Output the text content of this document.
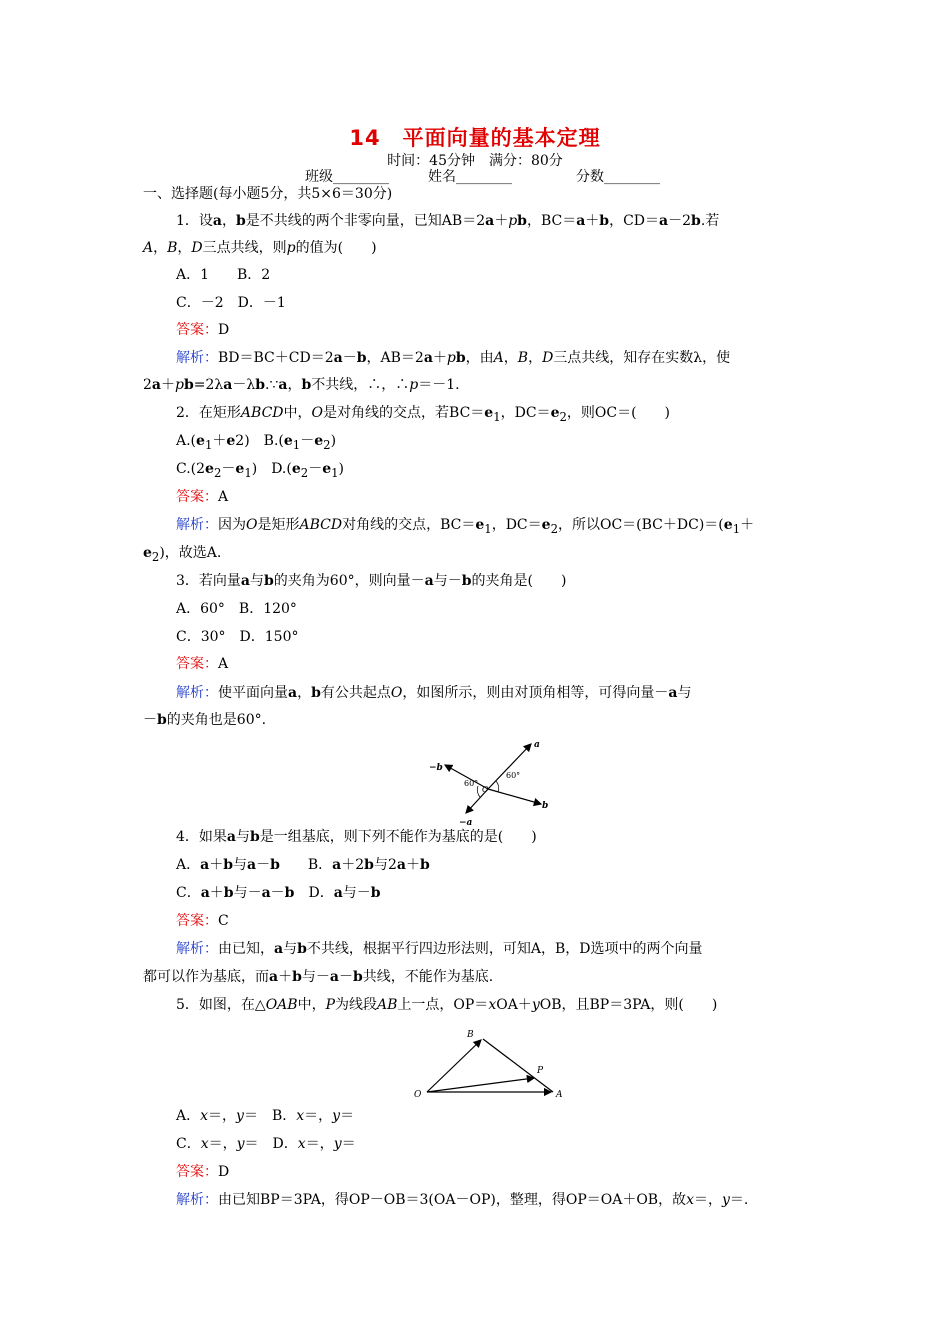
14　平面向量的基本定理
时间：45分钟　满分：80分
班级________	姓名________	分数________
一、选择题(每小题5分，共5×6＝30分)
1．设a，b是不共线的两个非零向量，已知AB＝2a＋pb，BC＝a＋b，CD＝a－2b.若
A，B，D三点共线，则p的值为(　　)
A．1　　B．2
C．－2　D．－1
答案：D
解析：BD＝BC＋CD＝2a－b，AB＝2a＋pb，由A，B，D三点共线，知存在实数λ，使
2a＋pb=2λa－λb.∵a，b不共线，∴，∴p＝－1.
2．在矩形ABCD中，O是对角线的交点，若$BC=e_1$，$DC=e_2$，则OC＝(　　)
$A.(e_1+e2)$　$B.(e_1-e_2)$
$C.(2e_2-e_1)$　$D.(e_2-e_1)$
答案：A
解析：因为O是矩形ABCD对角线的交点，$BC=e_1$，$DC=e_2$，所以$OC=(BC+DC)=(e_1+$
$e_2$)，故选A.
3．若向量a与b的夹角为60°，则向量－a与－b的夹角是(　　)
A．60°　B．120°
C．30°　D．150°
答案：A
解析：使平面向量a，b有公共起点O，如图所示，则由对顶角相等，可得向量－a与
－b的夹角也是60°.
a
b
−b
−a
O
60°
60°
4．如果a与b是一组基底，则下列不能作为基底的是(　　)
A．a＋b与a－b　　B．a＋2b与2a＋b
C．a＋b与－a－b　D．a与－b
答案：C
解析：由已知，a与b不共线，根据平行四边形法则，可知A，B，D选项中的两个向量
都可以作为基底，而a＋b与－a－b共线，不能作为基底.
5．如图，在△OAB中，P为线段AB上一点，OP＝xOA＋yOB，且BP＝3PA，则(　　)
O	A
B
P
A．x＝，y＝　B．x＝，y＝
C．x＝，y＝　D．x＝，y＝
答案：D
解析：由已知BP＝3PA，得OP－OB＝3(OA－OP)，整理，得OP＝OA＋OB，故x＝，y＝.
